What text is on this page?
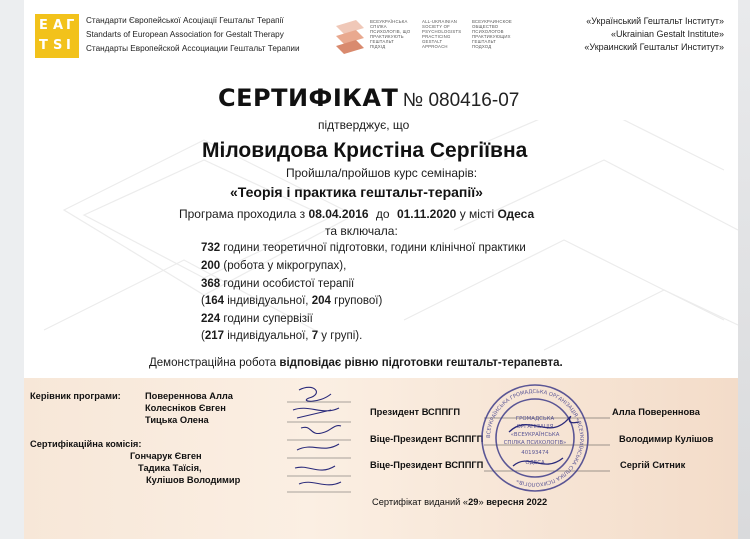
Е А Г
Т S І
Стандарти Європейської Асоціації Гештальт Терапії
Standarts of European Association for Gestalt Therapy
Стандарты Европейской Ассоциации Гештальт Терапии
ВСЕУКРАЇНСЬКА
СПІЛКА
ПСИХОЛОГІВ, ЩО
ПРАКТИКУЮТЬ
ГЕШТАЛЬТ
ПІДХІД
ALL-UKRAINIAN
SOCIETY OF
PSYCHOLOGISTS
PRACTICING
GESTALT
APPROACH
ВСЕУКРАИНСКОЕ
ОБЩЕСТВО
ПСИХОЛОГОВ
ПРАКТИКУЮЩИХ
ГЕШТАЛЬТ
ПОДХОД
«Український Гештальт Інститут»
«Ukrainian Gestalt Institute»
«Украинский Гештальт Институт»
СЕРТИФІКАТ № 080416-07
підтверджує, що
Міловидова Кристіна Сергіївна
Пройшла/пройшов курс семінарів:
«Теорія і практика гештальт-терапії»
Програма проходила з 08.04.2016 до 01.11.2020 у місті Одеса
та включала:
732 години теоретичної підготовки, години клінічної практики
200 (робота у мікрогрупах),
368 години особистої терапії
(164 індивідуальної, 204 групової)
224 години супервізії
(217 індивідуальної, 7 у групі).
Демонстраційна робота відповідає рівню підготовки гештальт-терапевта.
Керівник програми:	Повереннова Алла
Колесніков Євген
Тицька Олена
Сертифікаційна комісія:
Гончарук Євген
Тадика Таїсія,
Кулішов Володимир
Президент ВСППГП	Алла Повереннова
Віце-Президент ВСППГП	Володимир Кулішов
Віце-Президент ВСППГП	Сергій Ситник
ВСЕУКРАЇНСЬКА ГРОМАДСЬКА ОРГАНІЗАЦІЯ «ВСЕУКРАЇНСЬКА СПІЛКА ПСИХОЛОГІВ»
ГРОМАДСЬКА
ОРГАНІЗАЦІЯ
«ВСЕУКРАЇНСЬКА
СПІЛКА ПСИХОЛОГІВ»
40193474
ОДЕСА
Сертифікат виданий «29» вересня 2022
